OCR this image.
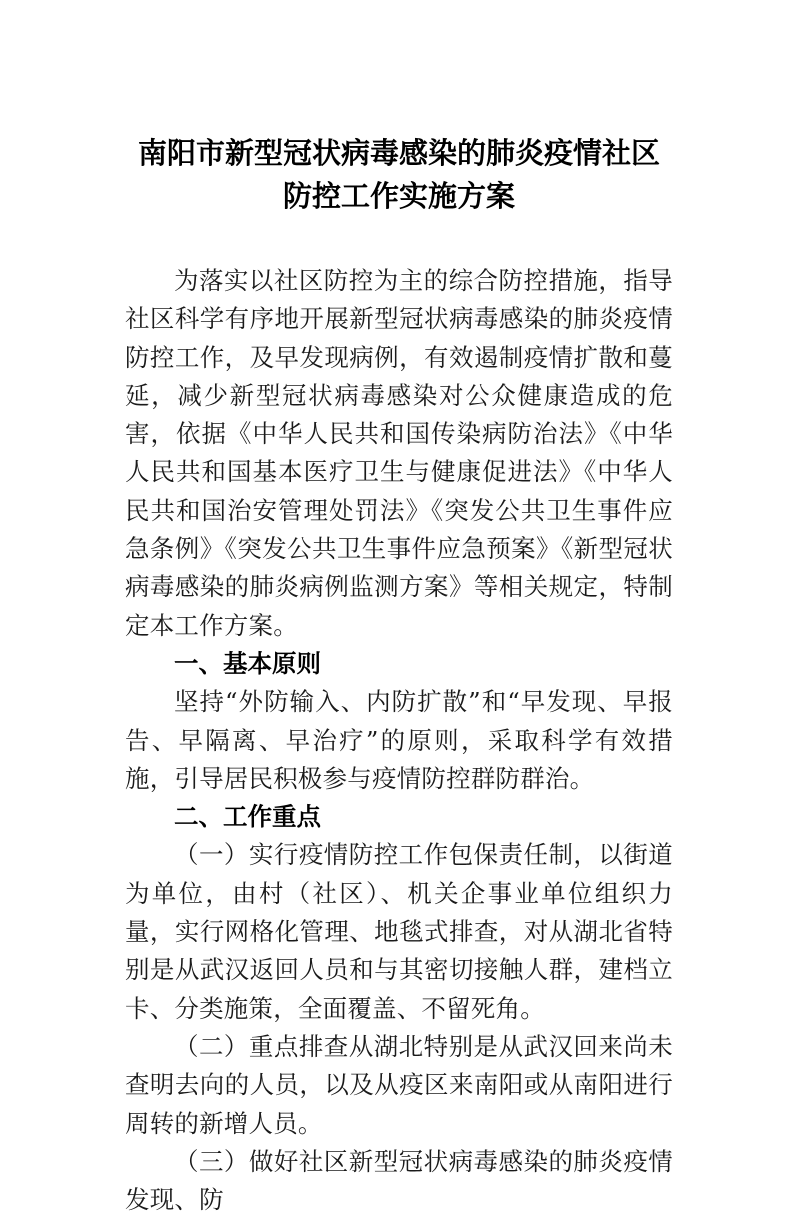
南阳市新型冠状病毒感染的肺炎疫情社区
防控工作实施方案

为落实以社区防控为主的综合防控措施，指导社区科学有序地开展新型冠状病毒感染的肺炎疫情防控工作，及早发现病例，有效遏制疫情扩散和蔓延，减少新型冠状病毒感染对公众健康造成的危害，依据《中华人民共和国传染病防治法》《中华人民共和国基本医疗卫生与健康促进法》《中华人民共和国治安管理处罚法》《突发公共卫生事件应急条例》《突发公共卫生事件应急预案》《新型冠状病毒感染的肺炎病例监测方案》等相关规定，特制定本工作方案。

一、基本原则

坚持“外防输入、内防扩散”和“早发现、早报告、早隔离、早治疗”的原则，采取科学有效措施，引导居民积极参与疫情防控群防群治。

二、工作重点

（一）实行疫情防控工作包保责任制，以街道为单位，由村（社区）、机关企事业单位组织力量，实行网格化管理、地毯式排查，对从湖北省特别是从武汉返回人员和与其密切接触人群，建档立卡、分类施策，全面覆盖、不留死角。

（二）重点排查从湖北特别是从武汉回来尚未查明去向的人员，以及从疫区来南阳或从南阳进行周转的新增人员。

（三）做好社区新型冠状病毒感染的肺炎疫情发现、防
